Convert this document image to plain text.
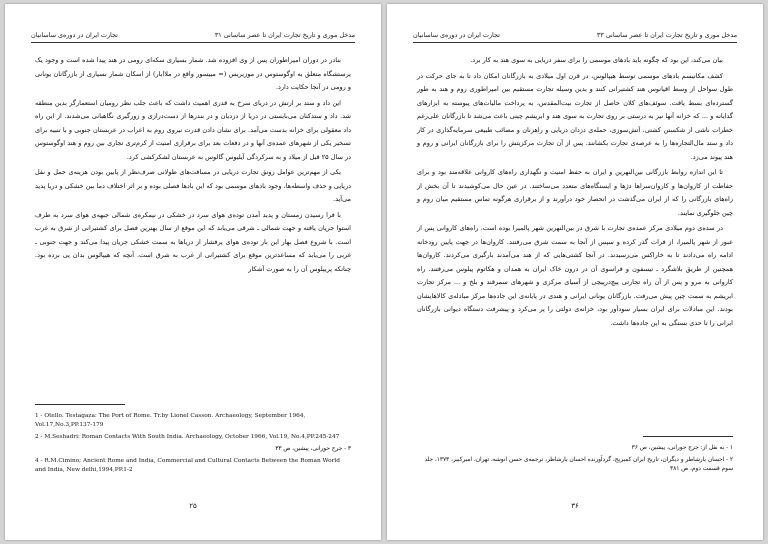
مدخل موری و تاریخ تجارت ایران تا عصر ساسانی ۳۱
تجارت ایران در دوره‌ی ساسانیان

بنادر در دوران امپراطوران پس از وی افزوده شد. شمار بسیاری سکه‌ای رومی در هند پیدا شده است و وجود یک پرستشگاه متعلق به اوگوستوس در موزیریس (= مییسور واقع در ملاابار) از اسکان شمار بسیاری از بازرگانان یونانی و رومی در آنجا حکایت دارد.

این داد و ستد بر ارتش در دریای سرخ به قدری اهمیت داشت که باعث جلب نظر رومیان استعمارگر بدین منطقه شد. داد و ستدکنان می‌بایستی در دریا از دزدیان و در بندرها از دست‌درازی و زورگیری نگاهبانی می‌شدند. از این راه داد معقولی برای خزانه بدست می‌آمد. برای نشان دادن قدرت نیروی روم به اعراب در عربستان جنوبی و با تنبیه برای تسخیر یکی از شهرهای عمده‌ی آنها و در دفعات بعد برای برقراری امنیت از کرم‌تری تجاری بین روم و هند اوگوستوس در سال ۲۵ قبل از میلاد و به سرکردگی آیلیوس گالوس به عربستان لشکرکشی کرد.

یکی از مهم‌ترین عوامل رونق تجارت دریایی در مسافت‌های طولانی صرف‌نظر از پایین بودن هزینه‌ی حمل و نقل دریایی و حذف واسطه‌ها، وجود بادهای موسمی بود که این بادها فصلی بوده و بر اثر اختلاف دما بین خشکی و دریا پدید می‌آید.

با فرا رسیدن زمستان و پدید آمدن توده‌ی هوای سرد در خشکی در نیمکره‌ی شمالی جبهه‌ی هوای سرد به طرف استوا جریان یافته و جهت شمالی ـ شرقی می‌یابد که این موقع از سال بهترین فصل برای کشتیرانی از شرق به غرب است. با شروع فصل بهار این بار توده‌ی هوای پرفشار از دریاها به سمت خشکی جریان پیدا می‌کند و جهت جنوبی ـ غربی را می‌یابد که مساعدترین موقع برای کشتیرانی از غرب به شرق است. آنچه که هیپالوس بدان پی برده بود. چنانکه پریپلوس آن را به صورت آشکار

1 - Otello. Testagaza: The Port of Rome. Tr.by Lionel Casson. Archaeology, September 1964, Vol.17,No.3,PP.137-179
2 - M.Seshadri: Roman Contacts With South India. Archaeology, October 1966, Vol.19, No.4,PP.245-247
۳ - جرج حورانی، پیشین، ص ۳۳
4 - R.M.Cimino; Ancient Rome and India, Commercial and Cultural Contacts Between the Roman World and India, New delhi,1994,PP.1-2
۲۵
مدخل موری و تاریخ تجارت ایران تا عصر ساسانی ۳۳
تجارت ایران در دوره‌ی ساسانیان

بیان می‌کند، این بود که چگونه باید بادهای موسمی را برای سفر دریایی به سوی هند به کار برد.

کشف مکانیسم بادهای موسمی توسط هیپالوس، در قرن اول میلادی به بازرگانان امکان داد تا به جای حرکت در طول سواحل از وسط اقیانوس هند کشتیرانی کنند و بدین وسیله تجارت مستقیم بین امپراطوری روم و هند به طور گسترده‌ای بسط یافت. سوئف‌های کلان حاصل از تجارت بیت‌المقدس، به پرداخت مالیات‌های پیوسته به ابزارهای گدایانه و ... که خزانه آنها نیز به درستی بر روی تجارت به سوی هند و ابریشم چینی باعث می‌شد تا بازرگانان علی‌رغم خطرات ناشی از شکستن کشتی، آتش‌سوزی، حمله‌ی دزدان دریایی و راهزنان و مصائب طبیعی سرمایه‌گذاری در کار داد و ستد مال‌التجاره‌ها را به عرصه‌ی تجارت بکشانند. پس از آن تجارت مرکزیتش را برای بازرگانان ایرانی و روم و هند پیوند می‌زد.

تا این اندازه روابط بازرگانی بین‌النهرین و ایران به حفظ امنیت و نگهداری راه‌های کاروانی علاقه‌مند بود و برای حفاظت از کاروان‌ها و کاروان‌سراها دژها و ایستگاه‌های متعدد می‌ساختند. در عین حال می‌کوشیدند تا آن بخش از راه‌های بازرگانی را که از ایران می‌گذشت در انحصار خود درآورند و از برقراری هرگونه تماس مستقیم میان روم و چین جلوگیری نمایند.

در سده‌ی دوم میلادی مرکز عمده‌ی تجارت با شرق در بین‌النهرین شهر پالمیرا بوده است. راه‌های کاروانی پس از عبور از شهر پالمیرا، از فرات گذر کرده و سپس از آنجا به سمت شرق می‌رفتند. کاروان‌ها در جهت پایین رودخانه ادامه راه می‌دادند تا به خاراکس می‌رسیدند. در آنجا کشتی‌هایی که از هند می‌آمدند بارگیری می‌کردند. کاروان‌ها همچنین از طریق بلاشگرد ـ تیسفون و فراسوی آن در درون خاک ایران به همدان و هکاتوم پیلوس می‌رفتند. راه کاروانی به مرو و پس از آن راه تجارتی پیچ‌درپیچی از آسیای مرکزی و شهرهای سمرقند و بلخ و ... مرکز تجارت ابریشم به سمت چین پیش می‌رفت. بازرگانان یونانی ایرانی و هندی در پایانه‌ی این جاده‌ها مرکز مبادله‌ی کالاهایشان بودند. این مبادلات برای ایران بسیار سودآور بود، خزانه‌ی دولتی را پر می‌کرد و پیشرفت دستگاه دیوانی بازرگانان ایرانی را تا حدی بستگی به این جاده‌ها داشت.

۱ - به نقل از: جرج حورانی، پیشین، ص ۳۶
۲ - احسان یارشاطر و دیگران، تاریخ ایران کمبریج، گردآورنده احسان یارشاطر، ترجمه‌ی حسن انوشه، تهران، امیرکبیر، ۱۳۷۳، جلد سوم قسمت دوم، ص ۳۸۱
۳۶
